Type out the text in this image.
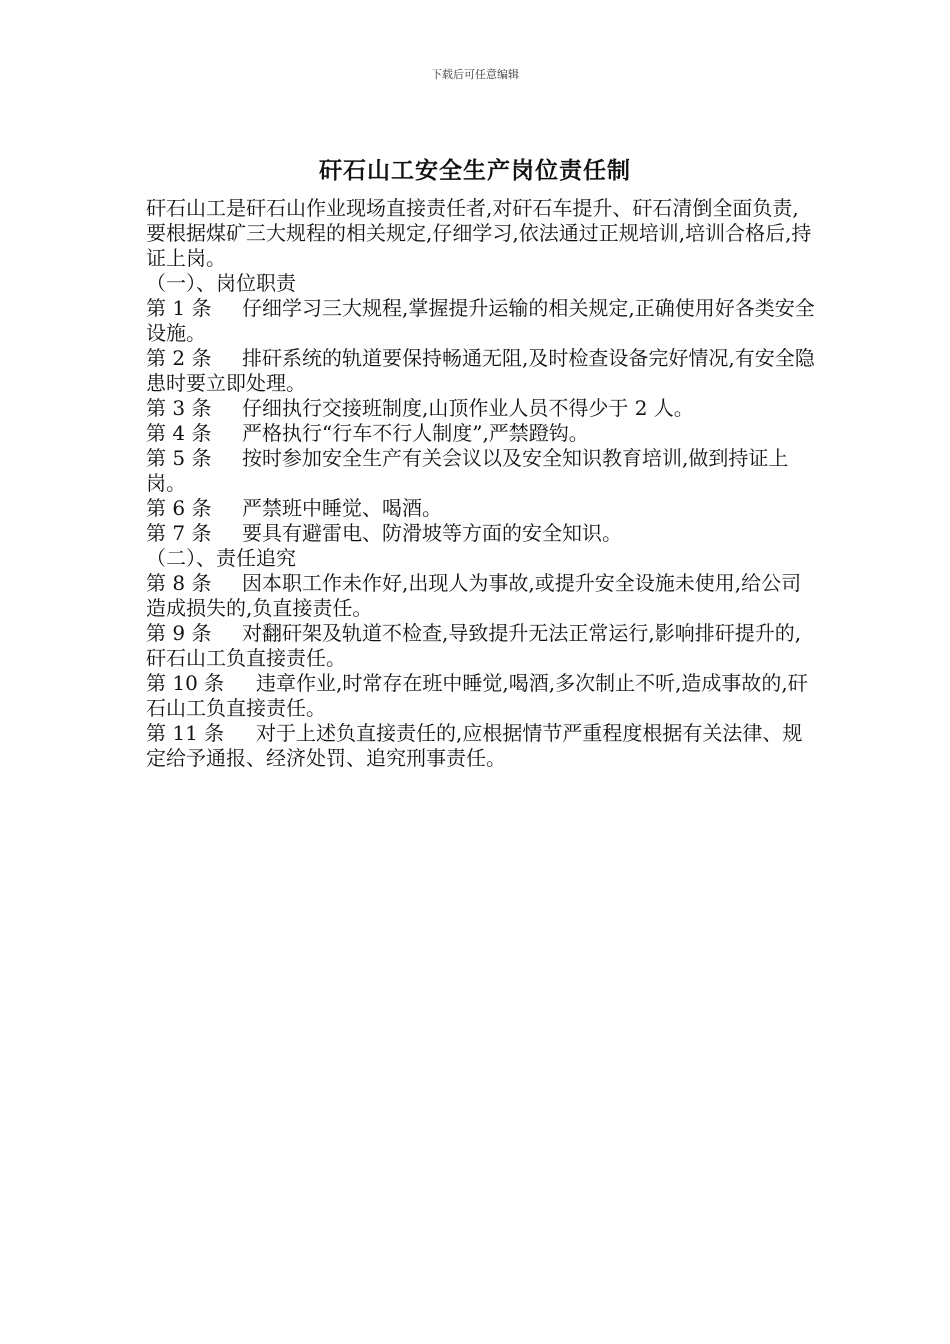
下载后可任意编辑
矸石山工安全生产岗位责任制

矸石山工是矸石山作业现场直接责任者,对矸石车提升、矸石清倒全面负责,要根据煤矿三大规程的相关规定,仔细学习,依法通过正规培训,培训合格后,持证上岗。

（一）、岗位职责

第 1 条 仔细学习三大规程,掌握提升运输的相关规定,正确使用好各类安全设施。

第 2 条 排矸系统的轨道要保持畅通无阻,及时检查设备完好情况,有安全隐患时要立即处理。

第 3 条 仔细执行交接班制度,山顶作业人员不得少于 2 人。

第 4 条 严格执行“行车不行人制度”,严禁蹬钩。

第 5 条 按时参加安全生产有关会议以及安全知识教育培训,做到持证上岗。

第 6 条 严禁班中睡觉、喝酒。

第 7 条 要具有避雷电、防滑坡等方面的安全知识。

（二）、责任追究

第 8 条 因本职工作未作好,出现人为事故,或提升安全设施未使用,给公司造成损失的,负直接责任。

第 9 条 对翻矸架及轨道不检查,导致提升无法正常运行,影响排矸提升的,矸石山工负直接责任。

第 10 条 违章作业,时常存在班中睡觉,喝酒,多次制止不听,造成事故的,矸石山工负直接责任。

第 11 条 对于上述负直接责任的,应根据情节严重程度根据有关法律、规定给予通报、经济处罚、追究刑事责任。
